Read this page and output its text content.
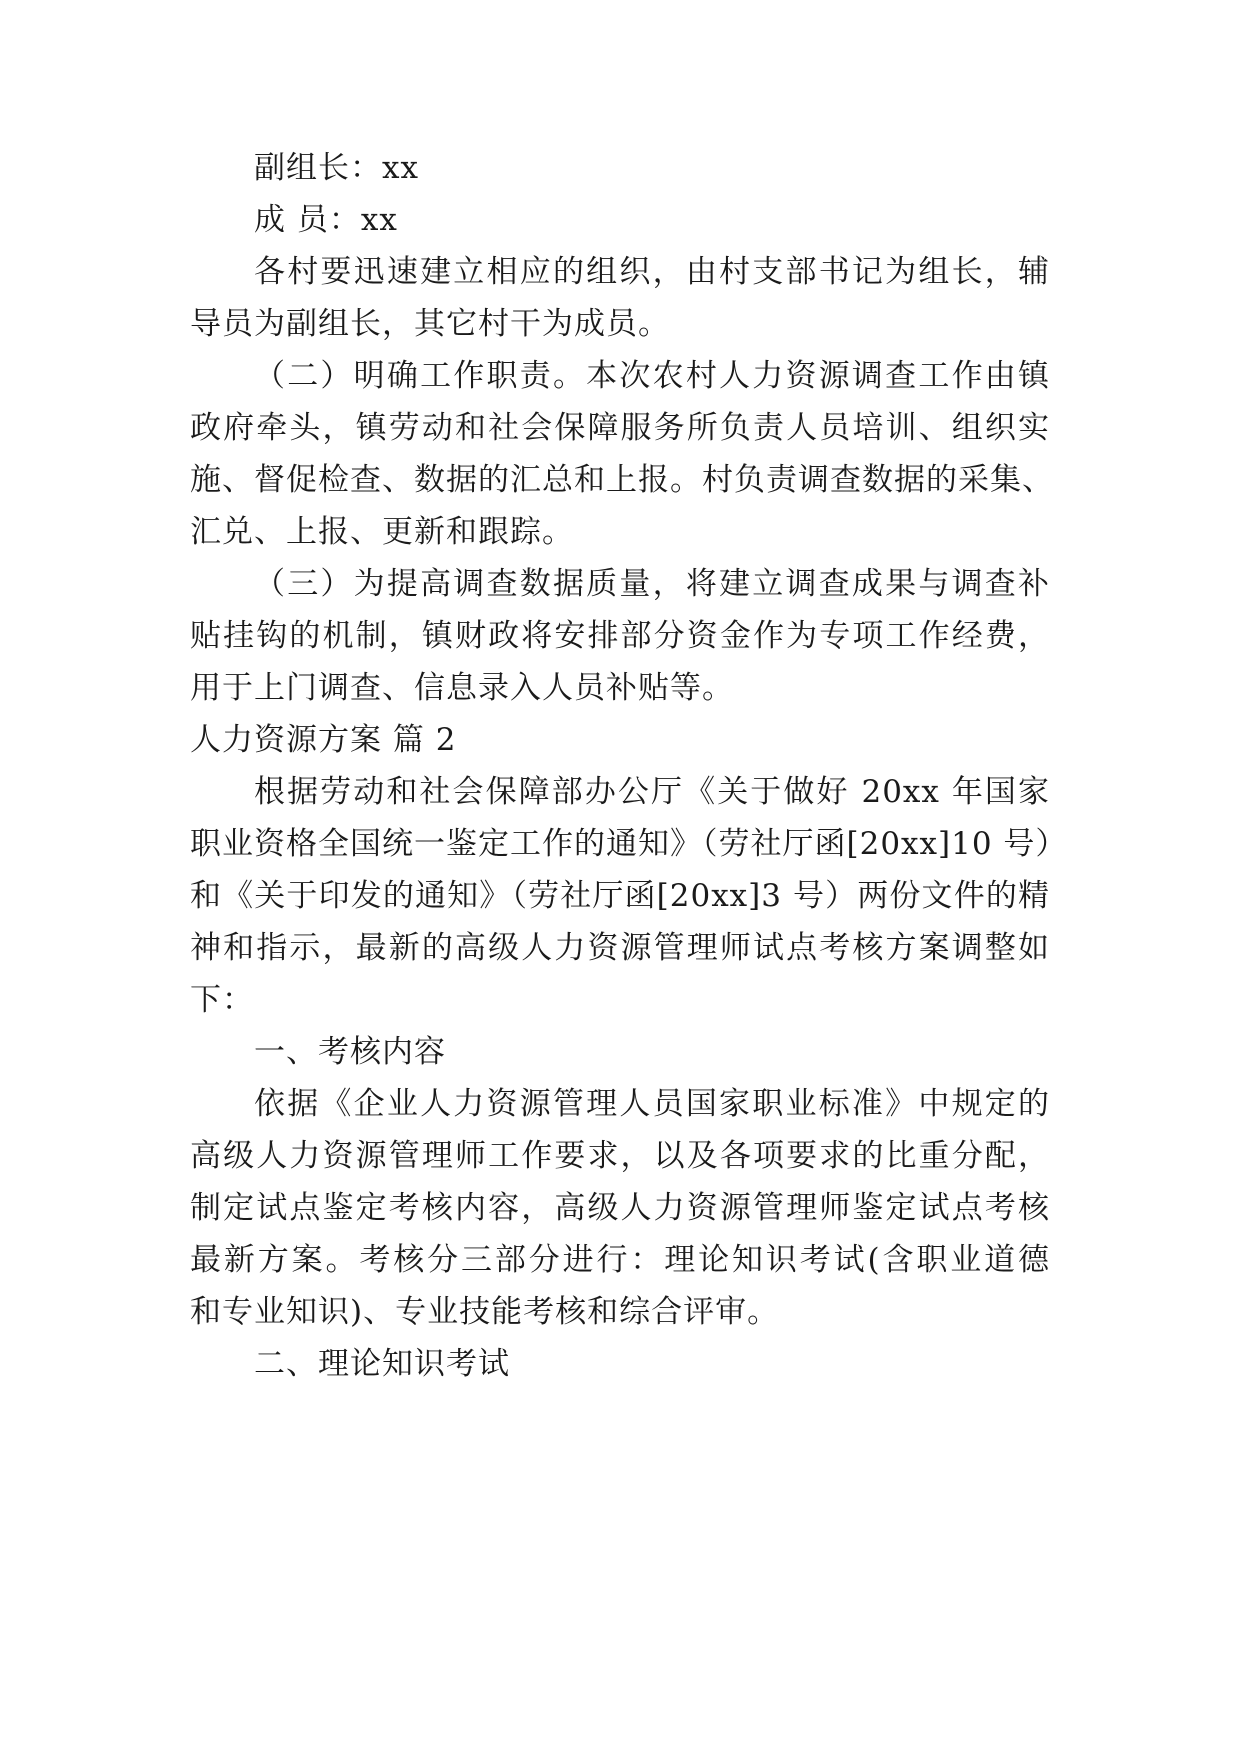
副组长：xx
成 员：xx
各村要迅速建立相应的组织，由村支部书记为组长，辅
导员为副组长，其它村干为成员。
（二）明确工作职责。本次农村人力资源调查工作由镇
政府牵头，镇劳动和社会保障服务所负责人员培训、组织实
施、督促检查、数据的汇总和上报。村负责调查数据的采集、
汇兑、上报、更新和跟踪。
（三）为提高调查数据质量，将建立调查成果与调查补
贴挂钩的机制，镇财政将安排部分资金作为专项工作经费，
用于上门调查、信息录入人员补贴等。
人力资源方案 篇 2
根据劳动和社会保障部办公厅《关于做好 20xx 年国家
职业资格全国统一鉴定工作的通知》（劳社厅函[20xx]10 号）
和《关于印发的通知》（劳社厅函[20xx]3 号）两份文件的精
神和指示，最新的高级人力资源管理师试点考核方案调整如
下：
一、考核内容
依据《企业人力资源管理人员国家职业标准》中规定的
高级人力资源管理师工作要求，以及各项要求的比重分配，
制定试点鉴定考核内容，高级人力资源管理师鉴定试点考核
最新方案。考核分三部分进行：理论知识考试(含职业道德
和专业知识)、专业技能考核和综合评审。
二、理论知识考试
